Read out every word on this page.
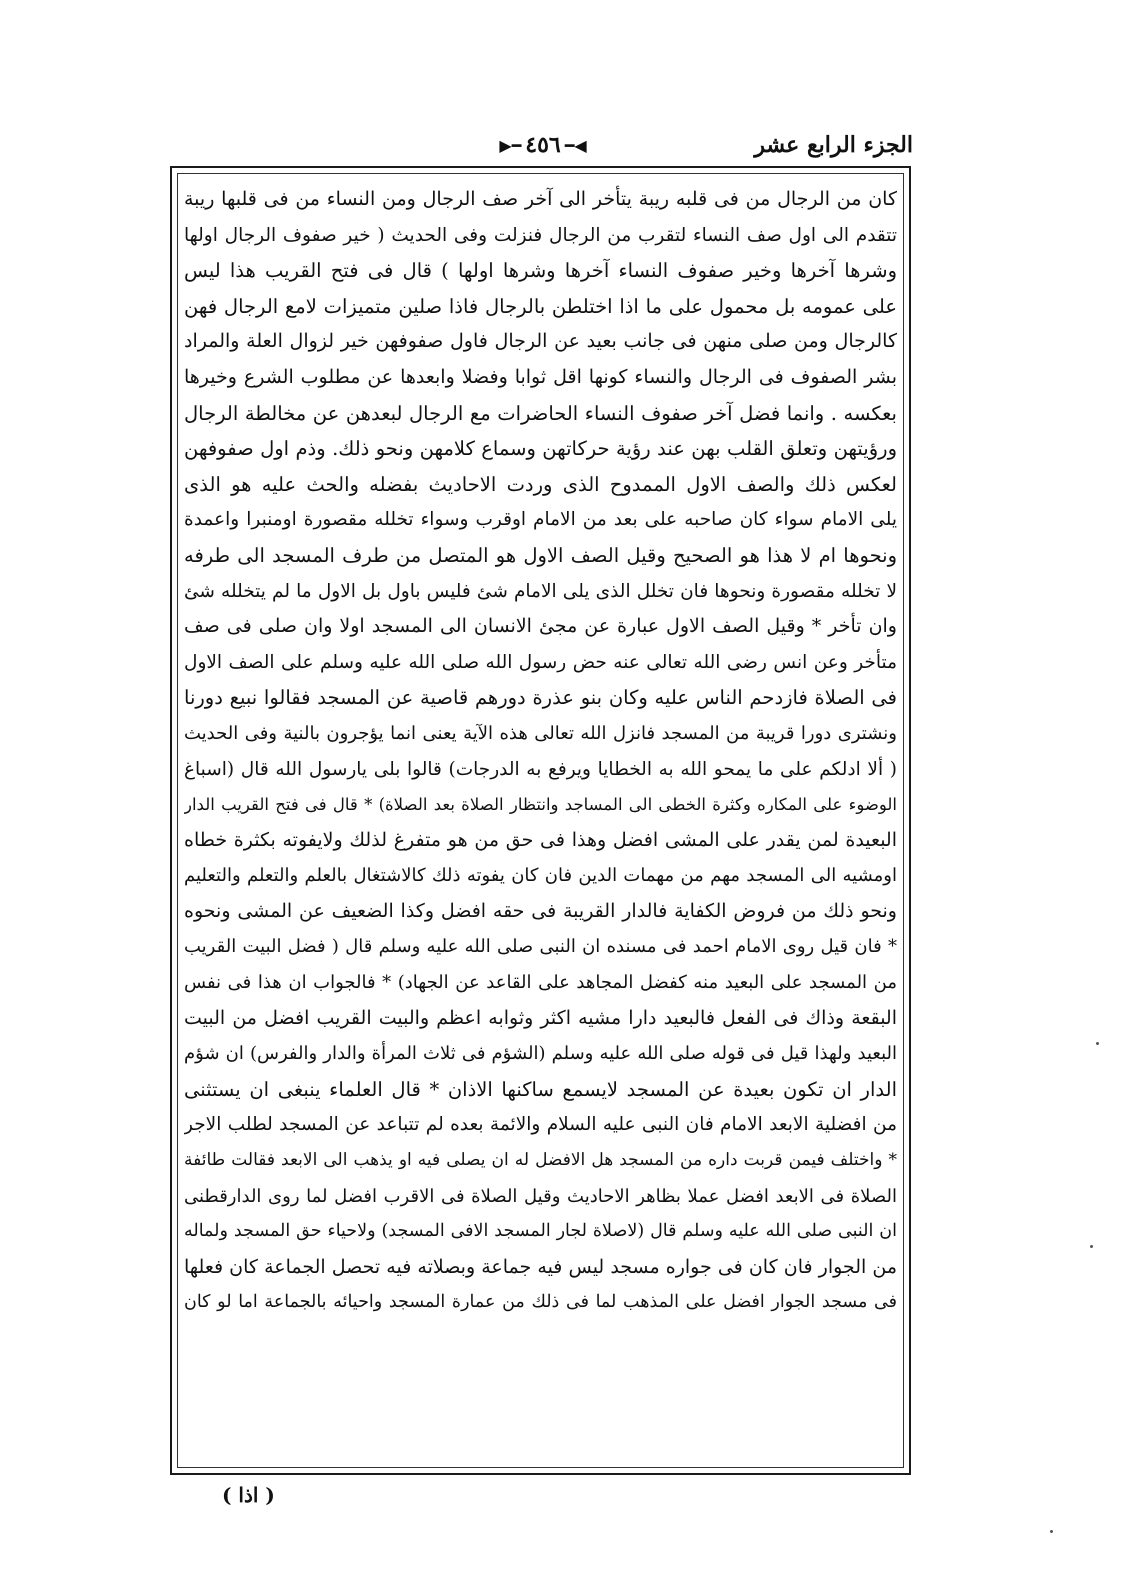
الجزء الرابع عشر
◀━٤٥٦━▶
كان من الرجال من فى قلبه ريبة يتأخر الى آخر صف الرجال ومن النساء من فى قلبها ريبة
تتقدم الى اول صف النساء لتقرب من الرجال فنزلت وفى الحديث ( خير صفوف الرجال اولها
وشرها آخرها وخير صفوف النساء آخرها وشرها اولها ) قال فى فتح القريب هذا ليس
على عمومه بل محمول على ما اذا اختلطن بالرجال فاذا صلين متميزات لامع الرجال فهن
كالرجال ومن صلى منهن فى جانب بعيد عن الرجال فاول صفوفهن خير لزوال العلة والمراد
بشر الصفوف فى الرجال والنساء كونها اقل ثوابا وفضلا وابعدها عن مطلوب الشرع وخيرها
بعكسه . وانما فضل آخر صفوف النساء الحاضرات مع الرجال لبعدهن عن مخالطة الرجال
ورؤيتهن وتعلق القلب بهن عند رؤية حركاتهن وسماع كلامهن ونحو ذلك. وذم اول صفوفهن
لعكس ذلك والصف الاول الممدوح الذى وردت الاحاديث بفضله والحث عليه هو الذى
يلى الامام سواء كان صاحبه على بعد من الامام اوقرب وسواء تخلله مقصورة اومنبرا واعمدة
ونحوها ام لا هذا هو الصحيح وقيل الصف الاول هو المتصل من طرف المسجد الى طرفه
لا تخلله مقصورة ونحوها فان تخلل الذى يلى الامام شئ فليس باول بل الاول ما لم يتخلله شئ
وان تأخر * وقيل الصف الاول عبارة عن مجئ الانسان الى المسجد اولا وان صلى فى صف
متأخر وعن انس رضى الله تعالى عنه حض رسول الله صلى الله عليه وسلم على الصف الاول
فى الصلاة فازدحم الناس عليه وكان بنو عذرة دورهم قاصية عن المسجد فقالوا نبيع دورنا
ونشترى دورا قريبة من المسجد فانزل الله تعالى هذه الآية يعنى انما يؤجرون بالنية وفى الحديث
( ألا ادلكم على ما يمحو الله به الخطايا ويرفع به الدرجات) قالوا بلى يارسول الله قال (اسباغ
الوضوء على المكاره وكثرة الخطى الى المساجد وانتظار الصلاة بعد الصلاة) * قال فى فتح القريب الدار
البعيدة لمن يقدر على المشى افضل وهذا فى حق من هو متفرغ لذلك ولايفوته بكثرة خطاه
اومشيه الى المسجد مهم من مهمات الدين فان كان يفوته ذلك كالاشتغال بالعلم والتعلم والتعليم
ونحو ذلك من فروض الكفاية فالدار القريبة فى حقه افضل وكذا الضعيف عن المشى ونحوه
* فان قيل روى الامام احمد فى مسنده ان النبى صلى الله عليه وسلم قال ( فضل البيت القريب
من المسجد على البعيد منه كفضل المجاهد على القاعد عن الجهاد) * فالجواب ان هذا فى نفس
البقعة وذاك فى الفعل فالبعيد دارا مشيه اكثر وثوابه اعظم والبيت القريب افضل من البيت
البعيد ولهذا قيل فى قوله صلى الله عليه وسلم (الشؤم فى ثلاث المرأة والدار والفرس) ان شؤم
الدار ان تكون بعيدة عن المسجد لايسمع ساكنها الاذان * قال العلماء ينبغى ان يستثنى
من افضلية الابعد الامام فان النبى عليه السلام والائمة بعده لم تتباعد عن المسجد لطلب الاجر
* واختلف فيمن قربت داره من المسجد هل الافضل له ان يصلى فيه او يذهب الى الابعد فقالت طائفة
الصلاة فى الابعد افضل عملا بظاهر الاحاديث وقيل الصلاة فى الاقرب افضل لما روى الدارقطنى
ان النبى صلى الله عليه وسلم قال (لاصلاة لجار المسجد الافى المسجد) ولاحياء حق المسجد ولماله
من الجوار فان كان فى جواره مسجد ليس فيه جماعة وبصلاته فيه تحصل الجماعة كان فعلها
فى مسجد الجوار افضل على المذهب لما فى ذلك من عمارة المسجد واحيائه بالجماعة اما لو كان
( اذا )
